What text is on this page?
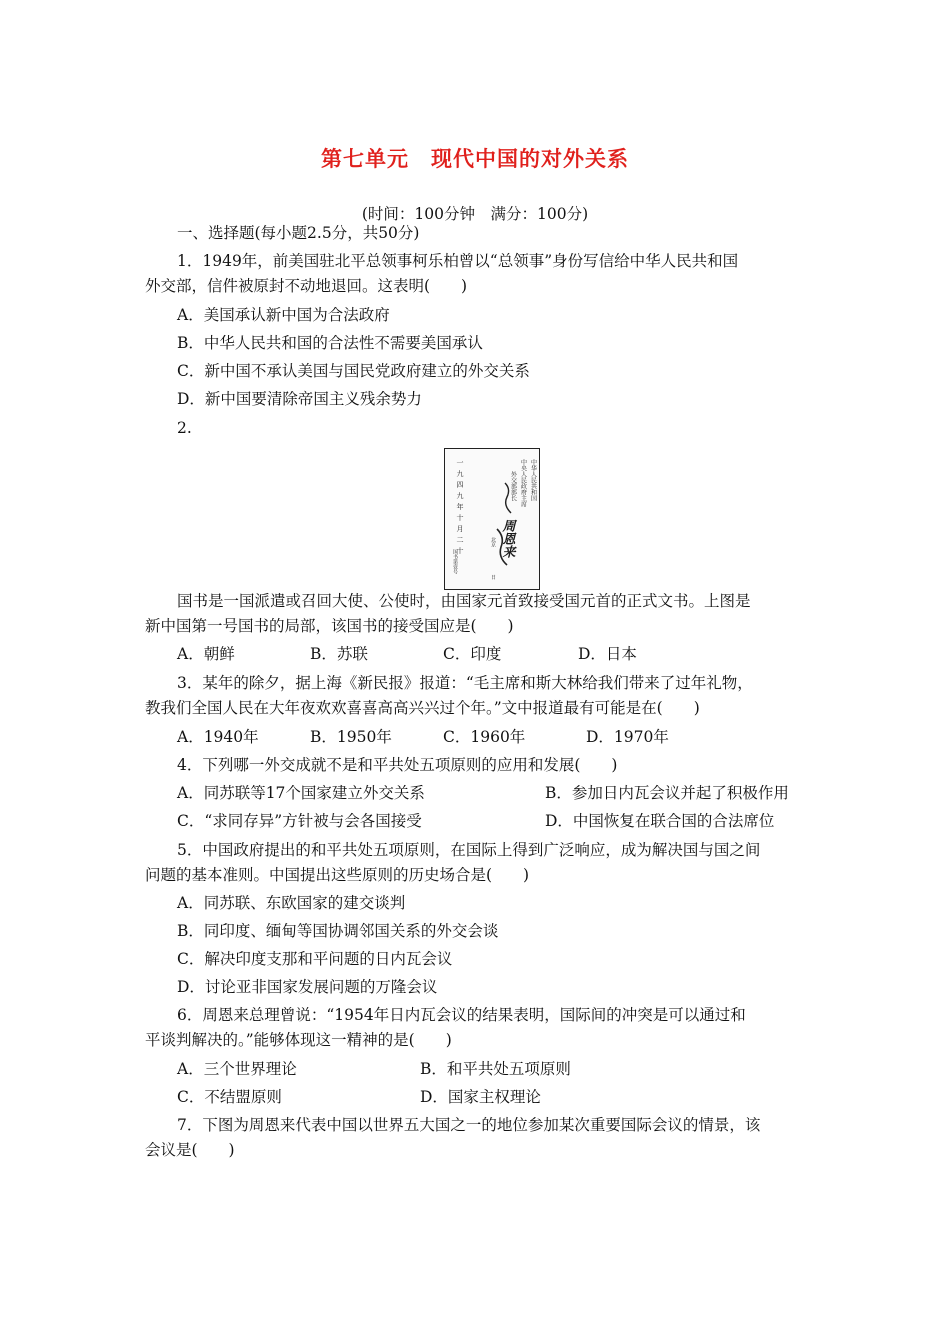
第七单元　现代中国的对外关系
(时间：100分钟　满分：100分)
一、选择题(每小题2.5分，共50分)
1．1949年，前美国驻北平总领事柯乐柏曾以“总领事”身份写信给中华人民共和国
外交部，信件被原封不动地退回。这表明(　　)
A．美国承认新中国为合法政府
B．中华人民共和国的合法性不需要美国承认
C．新中国不承认美国与国民党政府建立的外交关系
D．新中国要清除帝国主义残余势力
2.
一九四九年十月二十	中华人民共和国
中央人民政府主席
外交部部长
周恩来
北京
日
国书第壹号
国书是一国派遣或召回大使、公使时，由国家元首致接受国元首的正式文书。上图是
新中国第一号国书的局部，该国书的接受国应是(　　)
A．朝鲜	B．苏联	C．印度	D．日本
3．某年的除夕，据上海《新民报》报道：“毛主席和斯大林给我们带来了过年礼物，
教我们全国人民在大年夜欢欢喜喜高高兴兴过个年。”文中报道最有可能是在(　　)
A．1940年	B．1950年	C．1960年	D．1970年
4．下列哪一外交成就不是和平共处五项原则的应用和发展(　　)
A．同苏联等17个国家建立外交关系	B．参加日内瓦会议并起了积极作用
C．“求同存异”方针被与会各国接受	D．中国恢复在联合国的合法席位
5．中国政府提出的和平共处五项原则，在国际上得到广泛响应，成为解决国与国之间
问题的基本准则。中国提出这些原则的历史场合是(　　)
A．同苏联、东欧国家的建交谈判
B．同印度、缅甸等国协调邻国关系的外交会谈
C．解决印度支那和平问题的日内瓦会议
D．讨论亚非国家发展问题的万隆会议
6．周恩来总理曾说：“1954年日内瓦会议的结果表明，国际间的冲突是可以通过和
平谈判解决的。”能够体现这一精神的是(　　)
A．三个世界理论	B．和平共处五项原则
C．不结盟原则	D．国家主权理论
7．下图为周恩来代表中国以世界五大国之一的地位参加某次重要国际会议的情景，该
会议是(　　)
